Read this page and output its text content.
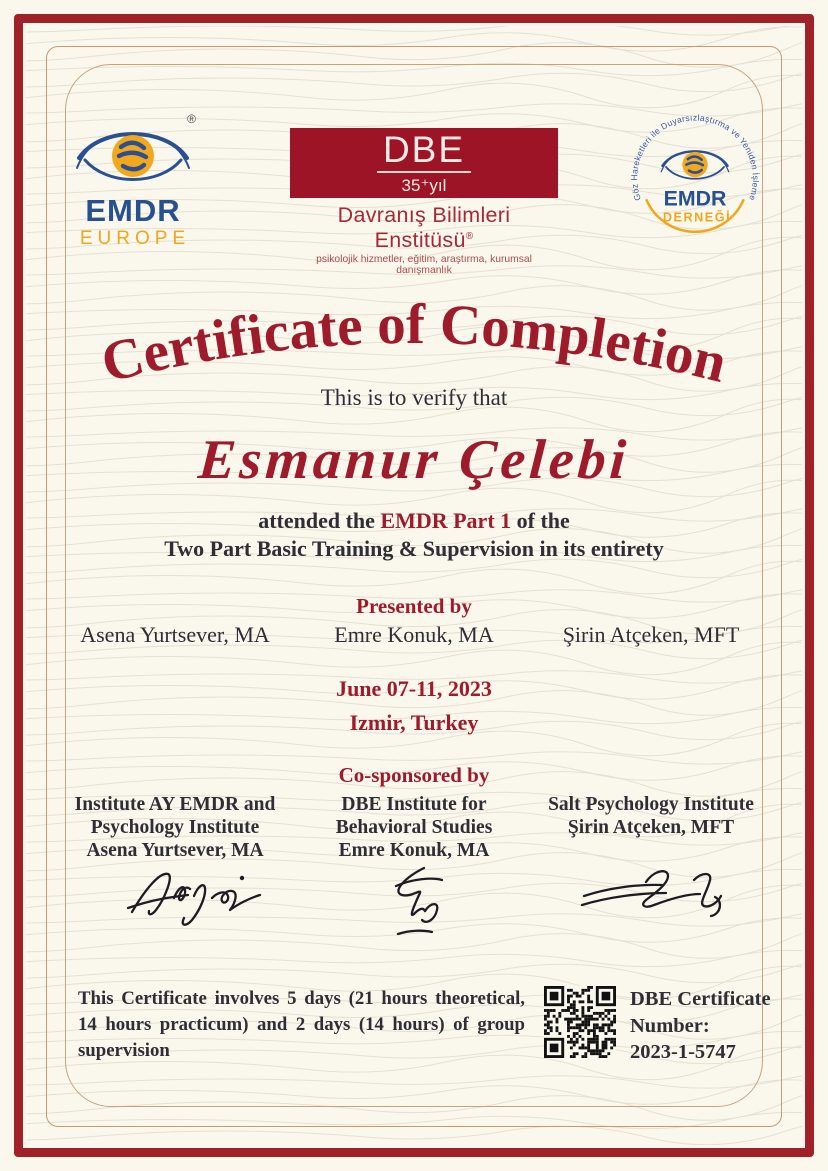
®
EMDR
EUROPE
DBE
35⁺yıl
Davranış Bilimleri Enstitüsü®
psikolojik hizmetler, eğitim, araştırma, kurumsal danışmanlık
Göz Hareketleri ile Duyarsızlaştırma ve Yeniden İşleme
EMDR
DERNEĞİ
Certificate of Completion
This is to verify that
Esmanur Çelebi
attended the EMDR Part 1 of the
Two Part Basic Training & Supervision in its entirety
Presented by
Asena Yurtsever, MA	Emre Konuk, MA	Şirin Atçeken, MFT
June 07-11, 2023
Izmir, Turkey
Co-sponsored by
Institute AY EMDR and
Psychology Institute
Asena Yurtsever, MA
DBE Institute for
Behavioral Studies
Emre Konuk, MA
Salt Psychology Institute
Şirin Atçeken, MFT
This Certificate involves 5 days (21 hours theoretical, 14 hours practicum) and 2 days (14 hours) of group supervision
DBE Certificate
Number:
2023-1-5747
